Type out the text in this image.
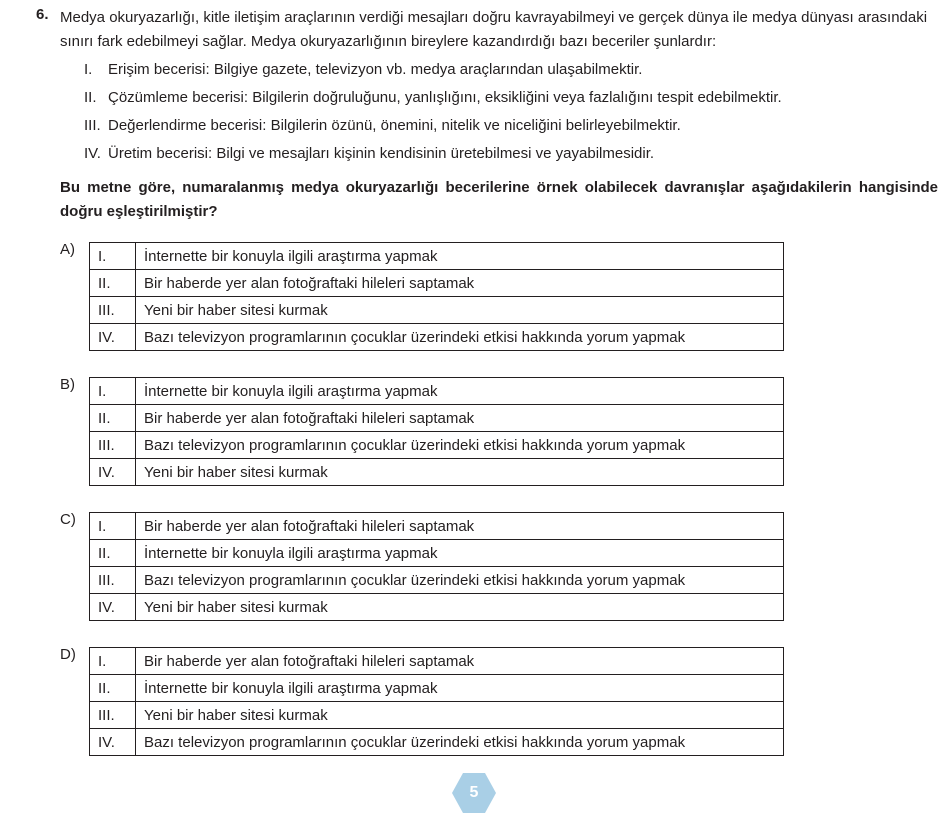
6. Medya okuryazarlığı, kitle iletişim araçlarının verdiği mesajları doğru kavrayabilmeyi ve gerçek dünya ile medya dünyası arasındaki sınırı fark edebilmeyi sağlar. Medya okuryazarlığının bireylere kazandırdığı bazı beceriler şunlardır:
I. Erişim becerisi: Bilgiye gazete, televizyon vb. medya araçlarından ulaşabilmektir.
II. Çözümleme becerisi: Bilgilerin doğruluğunu, yanlışlığını, eksikliğini veya fazlalığını tespit edebilmektir.
III. Değerlendirme becerisi: Bilgilerin özünü, önemini, nitelik ve niceliğini belirleyebilmektir.
IV. Üretim becerisi: Bilgi ve mesajları kişinin kendisinin üretebilmesi ve yayabilmesidir.
Bu metne göre, numaralanmış medya okuryazarlığı becerilerine örnek olabilecek davranışlar aşağıdakilerin hangisinde doğru eşleştirilmiştir?
A) I.	İnternette bir konuyla ilgili araştırma yapmak
II.	Bir haberde yer alan fotoğraftaki hileleri saptamak
III.	Yeni bir haber sitesi kurmak
IV.	Bazı televizyon programlarının çocuklar üzerindeki etkisi hakkında yorum yapmak
B) I.	İnternette bir konuyla ilgili araştırma yapmak
II.	Bir haberde yer alan fotoğraftaki hileleri saptamak
III.	Bazı televizyon programlarının çocuklar üzerindeki etkisi hakkında yorum yapmak
IV.	Yeni bir haber sitesi kurmak
C) I.	Bir haberde yer alan fotoğraftaki hileleri saptamak
II.	İnternette bir konuyla ilgili araştırma yapmak
III.	Bazı televizyon programlarının çocuklar üzerindeki etkisi hakkında yorum yapmak
IV.	Yeni bir haber sitesi kurmak
D) I.	Bir haberde yer alan fotoğraftaki hileleri saptamak
II.	İnternette bir konuyla ilgili araştırma yapmak
III.	Yeni bir haber sitesi kurmak
IV.	Bazı televizyon programlarının çocuklar üzerindeki etkisi hakkında yorum yapmak
5
